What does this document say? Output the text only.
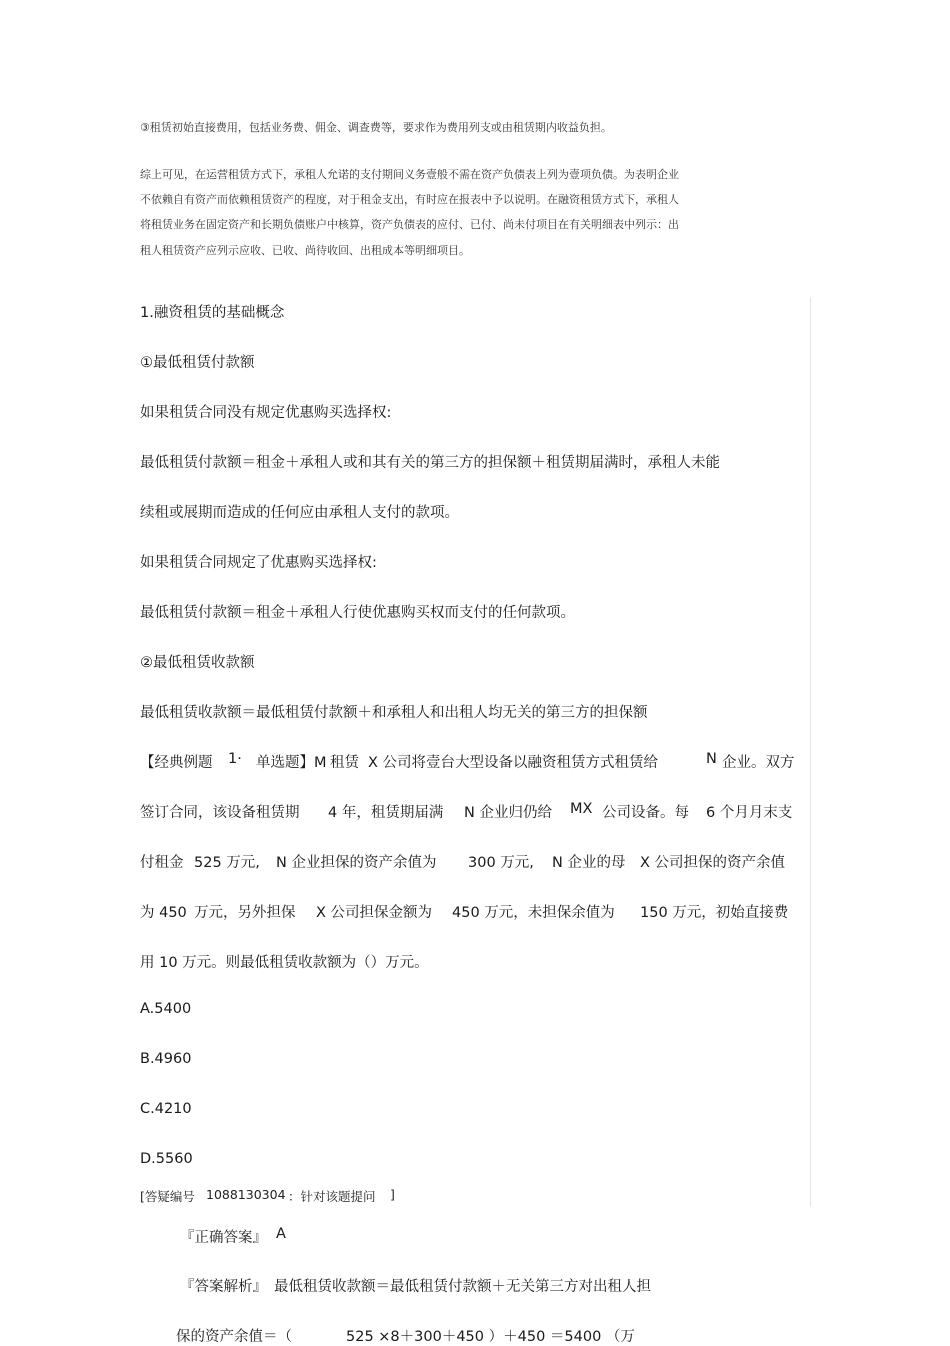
③租赁初始直接费用，包括业务费、佣金、调查费等，要求作为费用列支或由租赁期内收益负担。
综上可见，在运营租赁方式下，承租人允诺的支付期间义务壹般不需在资产负债表上列为壹项负债。为表明企业
不依赖自有资产而依赖租赁资产的程度，对于租金支出，有时应在报表中予以说明。在融资租赁方式下，承租人
将租赁业务在固定资产和长期负债账户中核算，资产负债表的应付、已付、尚未付项目在有关明细表中列示：出
租人租赁资产应列示应收、已收、尚待收回、出租成本等明细项目。
1.融资租赁的基础概念
①最低租赁付款额
如果租赁合同没有规定优惠购买选择权:
最低租赁付款额＝租金＋承租人或和其有关的第三方的担保额＋租赁期届满时，承租人未能
续租或展期而造成的任何应由承租人支付的款项。
如果租赁合同规定了优惠购买选择权:
最低租赁付款额＝租金＋承租人行使优惠购买权而支付的任何款项。
②最低租赁收款额
最低租赁收款额＝最低租赁付款额＋和承租人和出租人均无关的第三方的担保额
【经典例题 1· 单选题】M 租赁 X 公司将壹台大型设备以融资租赁方式租赁给	N 企业。双方
签订合同，该设备租赁期 4 年，租赁期届满 N 企业归仍给 MX 公司设备。每 6 个月月末支
付租金 525 万元, N 企业担保的资产余值为 300 万元, N 企业的母 X 公司担保的资产余值
为 450 万元，另外担保 X 公司担保金额为 450 万元，未担保余值为 150 万元，初始直接费
用 10 万元。则最低租赁收款额为（）万元。
A.5400
B.4960
C.4210
D.5560
[答疑编号 1088130304 ：针对该题提问 ]
『正确答案』 A
『答案解析』 最低租赁收款额＝最低租赁付款额＋无关第三方对出租人担
保的资产余值＝（	525 ×8＋300＋450 ）＋450 ＝5400 （万
